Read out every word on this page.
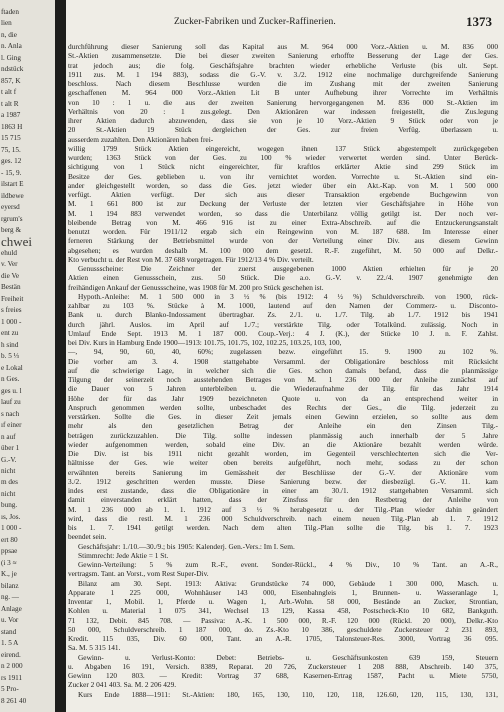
ftaden
lien
n, die
n. Anla
l. Ging
ndstück
857, K
t alt f
t alt R
a 1987
1863 H
15 715
75, 15.
ges. 12
- 15, 9.
ilstart E
ildbewe
eyersd
rgrum's
berg &
chwei
ehuld
v. Ver
die Ve
Bestän
Freiheit
s freies
1 000 -
ent zu
h sind
b. 5 ⅓
e Lokal
n Ges.
ges u. l
lauf zu
s nach
ıf einer
n auf
über 1
G.-V.
nicht
m des
nicht
bung.
ıs, Jos.
1 000 -
ert 80
ppsae
(i 3 ≈
K., je
bilanz
ng. —
Anlage
u. Vor
stand
1. 5 A
eirend.
n 2 000
rs 1911
5 Pro-
8 261 40
Zucker-Fabriken und Zucker-Raffinerien.	1373
durchführung dieser Sanierung soll das Kapital aus M. 964 000 Vorz.-Aktien u. M. 836 000
St.-Aktien zusammensetzte. Die bei dieser zweiten Sanierung erhoffte Besserung der Lage der Ges.
trat jedoch aus; die folg. Geschäftsjahre brachten wieder erhebliche Verluste (bis ult. Sept.
1911 zus. M. 1 194 883), sodass die G.-V. v. 3./2. 1912 eine nochmalige durchgreifende Sanierung
beschloss. Nach diesem Beschlusse wurden die im Zushang mit der zweiten Sanierung
geschaffenen M. 964 000 Vorz.-Aktien Lit B unter Aufhebung ihrer Vorrechte im Verhältnis
von 10 : 1 u. die aus der zweiten Sanierung hervorgegangenen M. 836 000 St.-Aktien im
Verhältnis von 20 : 1 zus.gelegt. Den Aktionären war indessen freigestellt, die Zus.legung
ihrer Aktien dadurch abzuwenden, dass sie von je 10 Vorz.-Aktien 9 Stück oder von je
20 St.-Aktien 19 Stück dergleichen der Ges. zur freien Verfüg. überlassen u.
ausserdem zuzahlten. Den Aktionären haben frei-
willig 1799 Stück Aktien eingereicht, wogegen ihnen 137 Stück abgestempelt zurückgegeben
wurden; 1363 Stück von der Ges. zu 100 % wieder verwertet werden sind. Unter Berück-
sichtigung von 1 Stück nicht eingereichter, für kraftlos erklärter Aktie sind 299 Stück im
Besitze der Ges. geblieben u. von ihr vernichtet worden. Vorrechte u. St.-Aktien sind ein-
ander gleichgestellt worden, so dass die Ges. jetzt wieder über ein Akt.-Kap. von M. 1 500 000
verfügt. Aktien verfügt. Der sich aus dieser Transaktion ergebende Buchgewinn von
M. 1 661 800 ist zur Deckung der Verluste der letzten vier Geschäftsjahre in Höhe von
M. 1 194 883 verwendet worden, so dass die Unterbilanz völlig getilgt ist. Der noch ver-
bleibende Betrag von M. 466 916 ist zu einer Extra-Abschreib. auf die Entzuckerungsanstalt
benutzt worden. Für 1911/12 ergab sich ein Reingewinn von M. 187 688. Im Interesse einer
ferneren Stärkung der Betriebsmittel wurde von der Verteilung einer Div. aus diesem Gewinn
abgesehen; es wurden deshalb M. 100 000 dem gesetzl. R.-F. zugeführt, M. 50 000 auf Delkr.-
Kto verbucht u. der Rest von M. 37 688 vorgetragen. Für 1912/13 4 % Div. verteilt.
Genussscheine: Die Zeichner der zuerst ausgegebenen 1000 Aktien erhielten für je 20
Aktien einen Genussschein, zus. 50 Stück. Die a.o. G.-V. v. 22./4. 1907 genehmigte den
freihändigen Ankauf der Genussscheine, was 1908 für M. 200 pro Stück geschehen ist.
Hypoth.-Anleihe: M. 1 500 000 in 3 ½ % (bis 1912: 4 ½ %) Schuldverschreib. von 1900, rück-
zahlbar zu 103 %. Stücke à M. 1000, lautend auf den Namen der Commerz- u. Disconto-
Bank u. durch Blanko-Indossament übertragbar. Zs. 2./1. u. 1./7. Tilg. ab 1./7. 1912 bis 1941
durch jährl. Auslos. im April auf 1./7.; verstärkte Tilg. oder Totalkünd. zulässig. Noch in
Umlauf Ende Sept. 1913 M. 1 187 000. Coup.-Verj.: 4 J. (K.), der Stücke 10 J. n. F. Zahlst.
bei Div. Kurs in Hamburg Ende 1900—1913: 101.75, 101.75, 102, 102.25, 103.25, 103, 100,
—, 94, 90, 60, 40, 60%; zugelassen bezw. eingeführt 15. 9. 1900 zu 102 %.
Die vorher am 3. 4. 1908 stattgehabte Versamml. der Obligationäre beschloss mit Rücksicht
auf die schwierige Lage, in welcher sich die Ges. schon damals befand, dass die planmässige
Tilgung der seinerzeit noch ausstehenden Betrages von M. 1 236 000 der Anleihe zunächst auf
die Dauer von 5 Jahren unterbleiben u. die Wiederaufnahme der Tilg. für das Jahr 1914
Höhe der für das Jahr 1909 bezeichneten Quote u. von da an entsprechend weiter in
Anspruch genommen werden sollte, unbeschadet des Rechts der Ges., die Tilg. jederzeit zu
verstärken. Sollte die Ges. in dieser Zeit jemals einen Gewinn erzielen, so sollte aus dem
mehr als den gesetzlichen Betrag der Anleihe ein den Zinsen Tilg.-
beträgen zurückzuzahlen. Die Tilg. sollte indessen planmässig auch innerhalb der 5 Jahre
wieder aufgenommen werden, sobald eine Div. an die Aktionäre bezahlt werden würde.
Die Div. ist bis 1911 nicht gezahlt worden, im Gegenteil verschlechterten sich die Ver-
hältnisse der Ges. wie weiter oben bereits aufgeführt, noch mehr, sodass zu der schon
erwähnten bereits Sanierung im Gemässheit der Beschlüsse der G.-V. der Aktionäre vom
3./2. 1912 geschritten werden musste. Diese Sanierung bezw. der diesbezügl. G.-V. 11. kam
indes erst zustande, dass die Obligationäre in einer am 30./1. 1912 stattgehabten Versamml. sich
damit einverstanden erklärt hatten, dass der Zinsfuss für den Restbetrag der Anleihe von
M. 1 236 000 ab 1. 1. 1912 auf 3 ½ % herabgesetzt u. der Tilg.-Plan wieder dahin geändert
wird, dass die restl. M. 1 236 000 Schuldverschreib. nach einem neuen Tilg.-Plan ab 1. 7. 1912
bis 1. 7. 1941 getilgt werden. Nach dem alten Tilg.-Plan sollte die Tilg. bis 1. 7. 1923
beendet sein.
Geschäftsjahr: 1./10.—30./9.; bis 1905: Kalenderj. Gen.-Vers.: Im I. Sem.
Stimmrecht: Jede Aktie = 1 St.
Gewinn-Verteilung: 5 % zum R.-F., event. Sonder-Rückl., 4 % Div., 10 % Tant. an A.-R.,
vertragsm. Tant. an Vorst., vom Rest Super-Div.
Bilanz am 30. Sept. 1913: Aktiva: Grundstücke 74 000, Gebäude 1 300 000, Masch. u.
Apparate 1 225 000, Wohnhäuser 143 000, Eisenbahngleis 1, Brunnen- u. Wasseranlage 1,
Inventar 1, Mobil. 1, Pferde u. Wagen 1, Arb.-Wohn. 58 000, Bestände an Zucker, Strontian,
Kohlen u. Material 1 075 341, Wechsel 13 129, Kassa 458, Postscheck-Kto 10 682, Bankguth.
71 132, Debit. 845 708. — Passiva: A.-K. 1 500 000, R.-F. 120 000 (Rückl. 20 000), Delkr.-Kto
50 000, Schuldverschreib. 1 187 000, do. Zs.-Kto 10 386, geschuldete Zuckersteuer 2 231 893,
Kredit. 115 035, Div. 60 000, Tant. an A.-R. 1705, Talonsteuer-Res. 3000, Vortrag 36 095.
Sa. M. 5 315 141.
Gewinn- u. Verlust-Konto: Debet: Betriebs- u. Geschäftsunkosten 639 159, Steuern
u. Abgaben 16 191, Versich. 8389, Reparat. 20 726, Zuckersteuer 1 208 888, Abschreib. 140 375,
Gewinn 120 803. — Kredit: Vortrag 37 688, Kasernen-Ertrag 1587, Pacht u. Miete 5750,
Zucker 2 041 403. Sa. M. 2 206 429.
Kurs Ende 1888—1911: St.-Aktien: 180, 165, 130, 110, 120, 118, 126.60, 120, 115, 130, 131,
